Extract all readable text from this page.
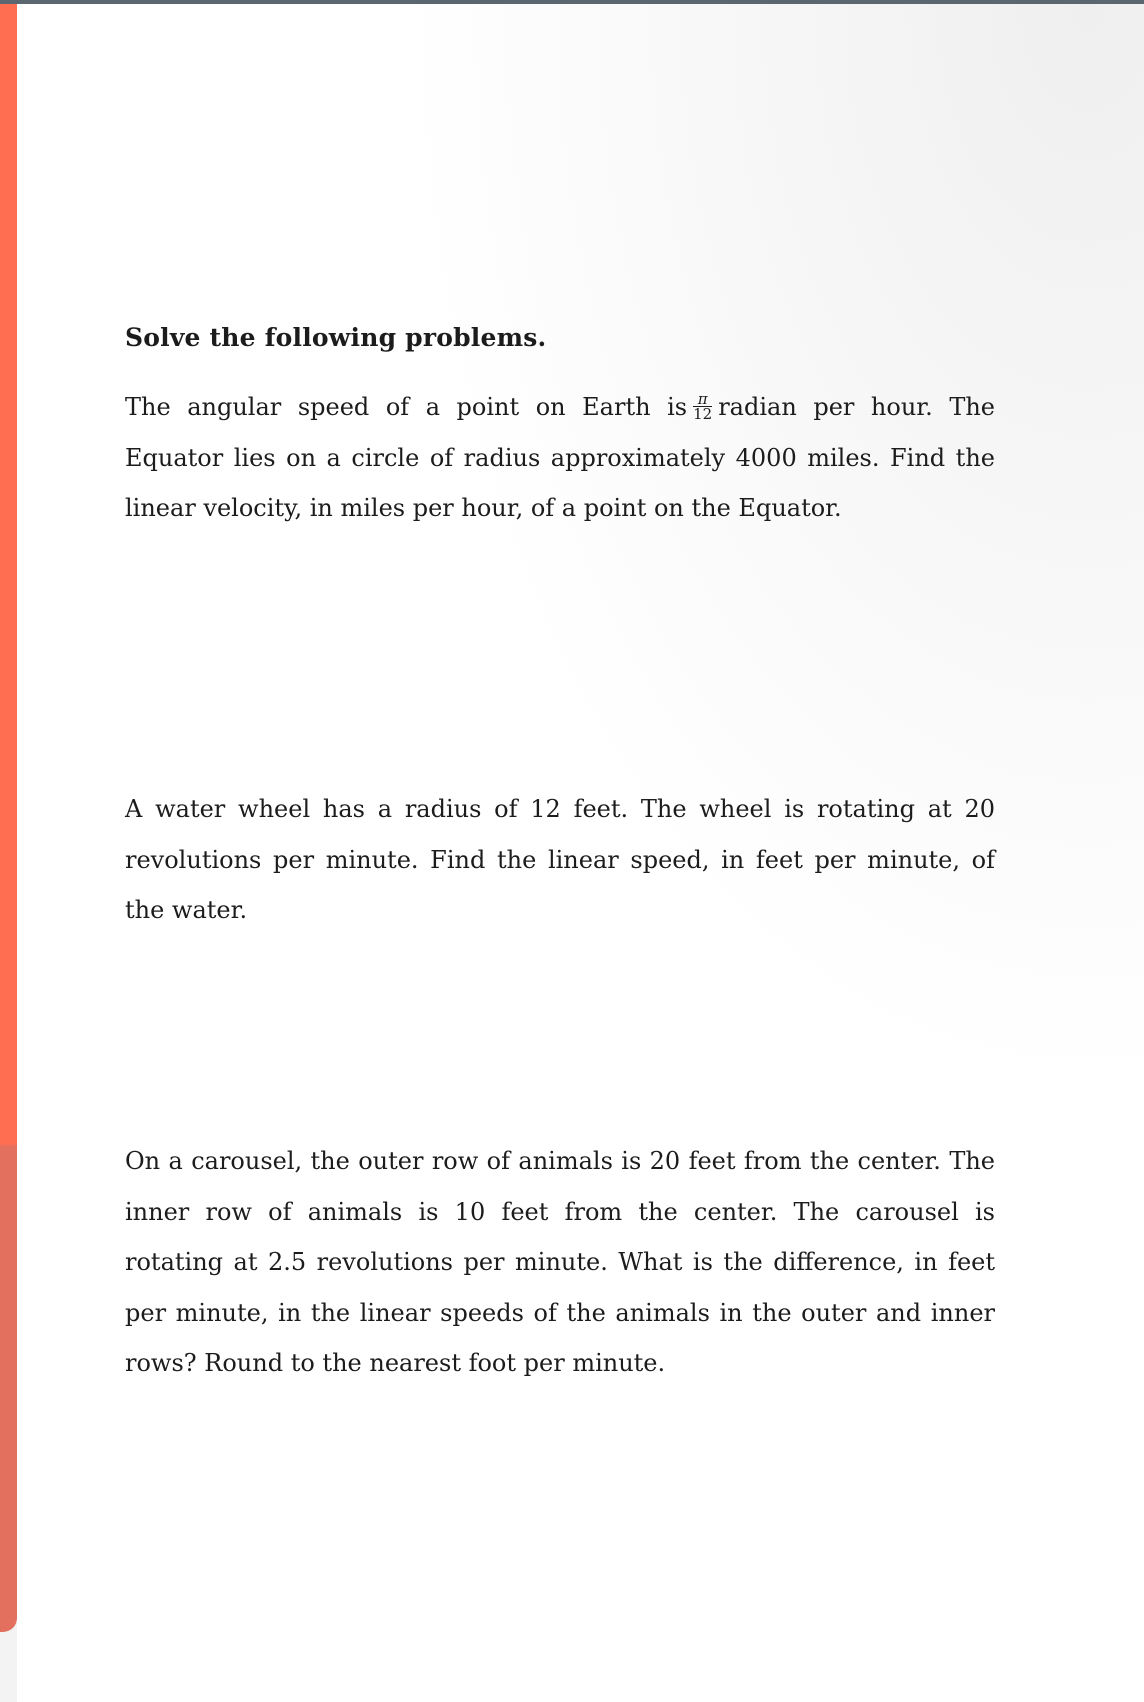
Solve the following problems.

The angular speed of a point on Earth is $\frac{\pi}{12}$ radian per hour. The Equator lies on a circle of radius approximately 4000 miles. Find the linear velocity, in miles per hour, of a point on the Equator.

A water wheel has a radius of 12 feet. The wheel is rotating at 20 revolutions per minute. Find the linear speed, in feet per minute, of the water.

On a carousel, the outer row of animals is 20 feet from the center. The inner row of animals is 10 feet from the center. The carousel is rotating at 2.5 revolutions per minute. What is the difference, in feet per minute, in the linear speeds of the animals in the outer and inner rows? Round to the nearest foot per minute.
